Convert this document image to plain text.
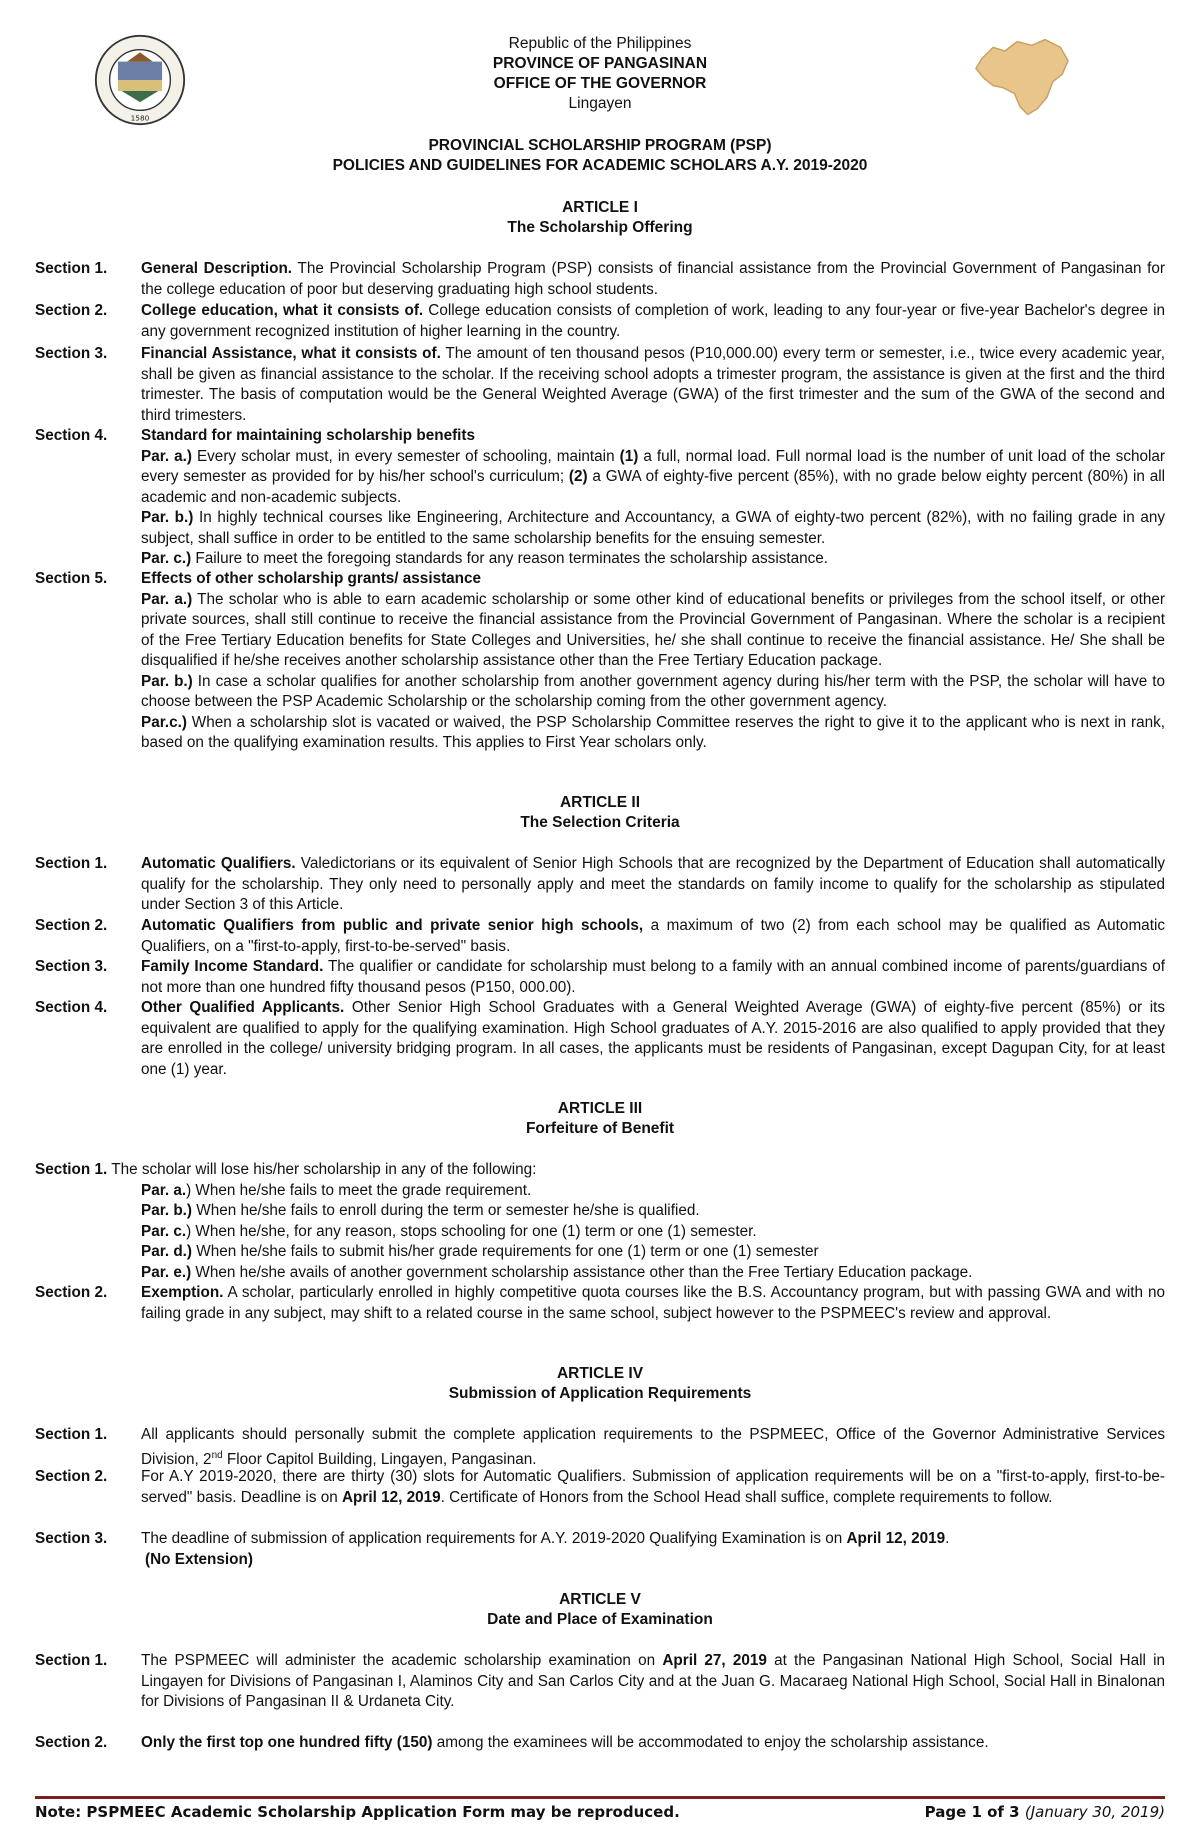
1580
Republic of the Philippines
PROVINCE OF PANGASINAN
OFFICE OF THE GOVERNOR
Lingayen
PROVINCIAL SCHOLARSHIP PROGRAM (PSP)
POLICIES AND GUIDELINES FOR ACADEMIC SCHOLARS A.Y. 2019-2020
ARTICLE I
The Scholarship Offering
Section 1. General Description. The Provincial Scholarship Program (PSP) consists of financial assistance from the Provincial Government of Pangasinan for the college education of poor but deserving graduating high school students.
Section 2. College education, what it consists of. College education consists of completion of work, leading to any four-year or five-year Bachelor's degree in any government recognized institution of higher learning in the country.
Section 3. Financial Assistance, what it consists of. The amount of ten thousand pesos (P10,000.00) every term or semester, i.e., twice every academic year, shall be given as financial assistance to the scholar. If the receiving school adopts a trimester program, the assistance is given at the first and the third trimester. The basis of computation would be the General Weighted Average (GWA) of the first trimester and the sum of the GWA of the second and third trimesters.
Section 4. Standard for maintaining scholarship benefits
Par. a.) Every scholar must, in every semester of schooling, maintain (1) a full, normal load. Full normal load is the number of unit load of the scholar every semester as provided for by his/her school's curriculum; (2) a GWA of eighty-five percent (85%), with no grade below eighty percent (80%) in all academic and non-academic subjects.
Par. b.) In highly technical courses like Engineering, Architecture and Accountancy, a GWA of eighty-two percent (82%), with no failing grade in any subject, shall suffice in order to be entitled to the same scholarship benefits for the ensuing semester.
Par. c.) Failure to meet the foregoing standards for any reason terminates the scholarship assistance.
Section 5. Effects of other scholarship grants/ assistance
Par. a.) The scholar who is able to earn academic scholarship or some other kind of educational benefits or privileges from the school itself, or other private sources, shall still continue to receive the financial assistance from the Provincial Government of Pangasinan. Where the scholar is a recipient of the Free Tertiary Education benefits for State Colleges and Universities, he/ she shall continue to receive the financial assistance. He/ She shall be disqualified if he/she receives another scholarship assistance other than the Free Tertiary Education package.
Par. b.) In case a scholar qualifies for another scholarship from another government agency during his/her term with the PSP, the scholar will have to choose between the PSP Academic Scholarship or the scholarship coming from the other government agency.
Par.c.) When a scholarship slot is vacated or waived, the PSP Scholarship Committee reserves the right to give it to the applicant who is next in rank, based on the qualifying examination results. This applies to First Year scholars only.
ARTICLE II
The Selection Criteria
Section 1. Automatic Qualifiers. Valedictorians or its equivalent of Senior High Schools that are recognized by the Department of Education shall automatically qualify for the scholarship. They only need to personally apply and meet the standards on family income to qualify for the scholarship as stipulated under Section 3 of this Article.
Section 2. Automatic Qualifiers from public and private senior high schools, a maximum of two (2) from each school may be qualified as Automatic Qualifiers, on a "first-to-apply, first-to-be-served" basis.
Section 3. Family Income Standard. The qualifier or candidate for scholarship must belong to a family with an annual combined income of parents/guardians of not more than one hundred fifty thousand pesos (P150, 000.00).
Section 4. Other Qualified Applicants. Other Senior High School Graduates with a General Weighted Average (GWA) of eighty-five percent (85%) or its equivalent are qualified to apply for the qualifying examination. High School graduates of A.Y. 2015-2016 are also qualified to apply provided that they are enrolled in the college/ university bridging program. In all cases, the applicants must be residents of Pangasinan, except Dagupan City, for at least one (1) year.
ARTICLE III
Forfeiture of Benefit
Section 1. The scholar will lose his/her scholarship in any of the following:
Par. a.) When he/she fails to meet the grade requirement.
Par. b.) When he/she fails to enroll during the term or semester he/she is qualified.
Par. c.) When he/she, for any reason, stops schooling for one (1) term or one (1) semester.
Par. d.) When he/she fails to submit his/her grade requirements for one (1) term or one (1) semester
Par. e.) When he/she avails of another government scholarship assistance other than the Free Tertiary Education package.
Section 2. Exemption. A scholar, particularly enrolled in highly competitive quota courses like the B.S. Accountancy program, but with passing GWA and with no failing grade in any subject, may shift to a related course in the same school, subject however to the PSPMEEC's review and approval.
ARTICLE IV
Submission of Application Requirements
Section 1. All applicants should personally submit the complete application requirements to the PSPMEEC, Office of the Governor Administrative Services Division, 2nd Floor Capitol Building, Lingayen, Pangasinan.
Section 2. For A.Y 2019-2020, there are thirty (30) slots for Automatic Qualifiers. Submission of application requirements will be on a "first-to-apply, first-to-be-served" basis. Deadline is on April 12, 2019. Certificate of Honors from the School Head shall suffice, complete requirements to follow.
Section 3. The deadline of submission of application requirements for A.Y. 2019-2020 Qualifying Examination is on April 12, 2019.
(No Extension)
ARTICLE V
Date and Place of Examination
Section 1. The PSPMEEC will administer the academic scholarship examination on April 27, 2019 at the Pangasinan National High School, Social Hall in Lingayen for Divisions of Pangasinan I, Alaminos City and San Carlos City and at the Juan G. Macaraeg National High School, Social Hall in Binalonan for Divisions of Pangasinan II & Urdaneta City.
Section 2. Only the first top one hundred fifty (150) among the examinees will be accommodated to enjoy the scholarship assistance.
Note: PSPMEEC Academic Scholarship Application Form may be reproduced.	Page 1 of 3 (January 30, 2019)
